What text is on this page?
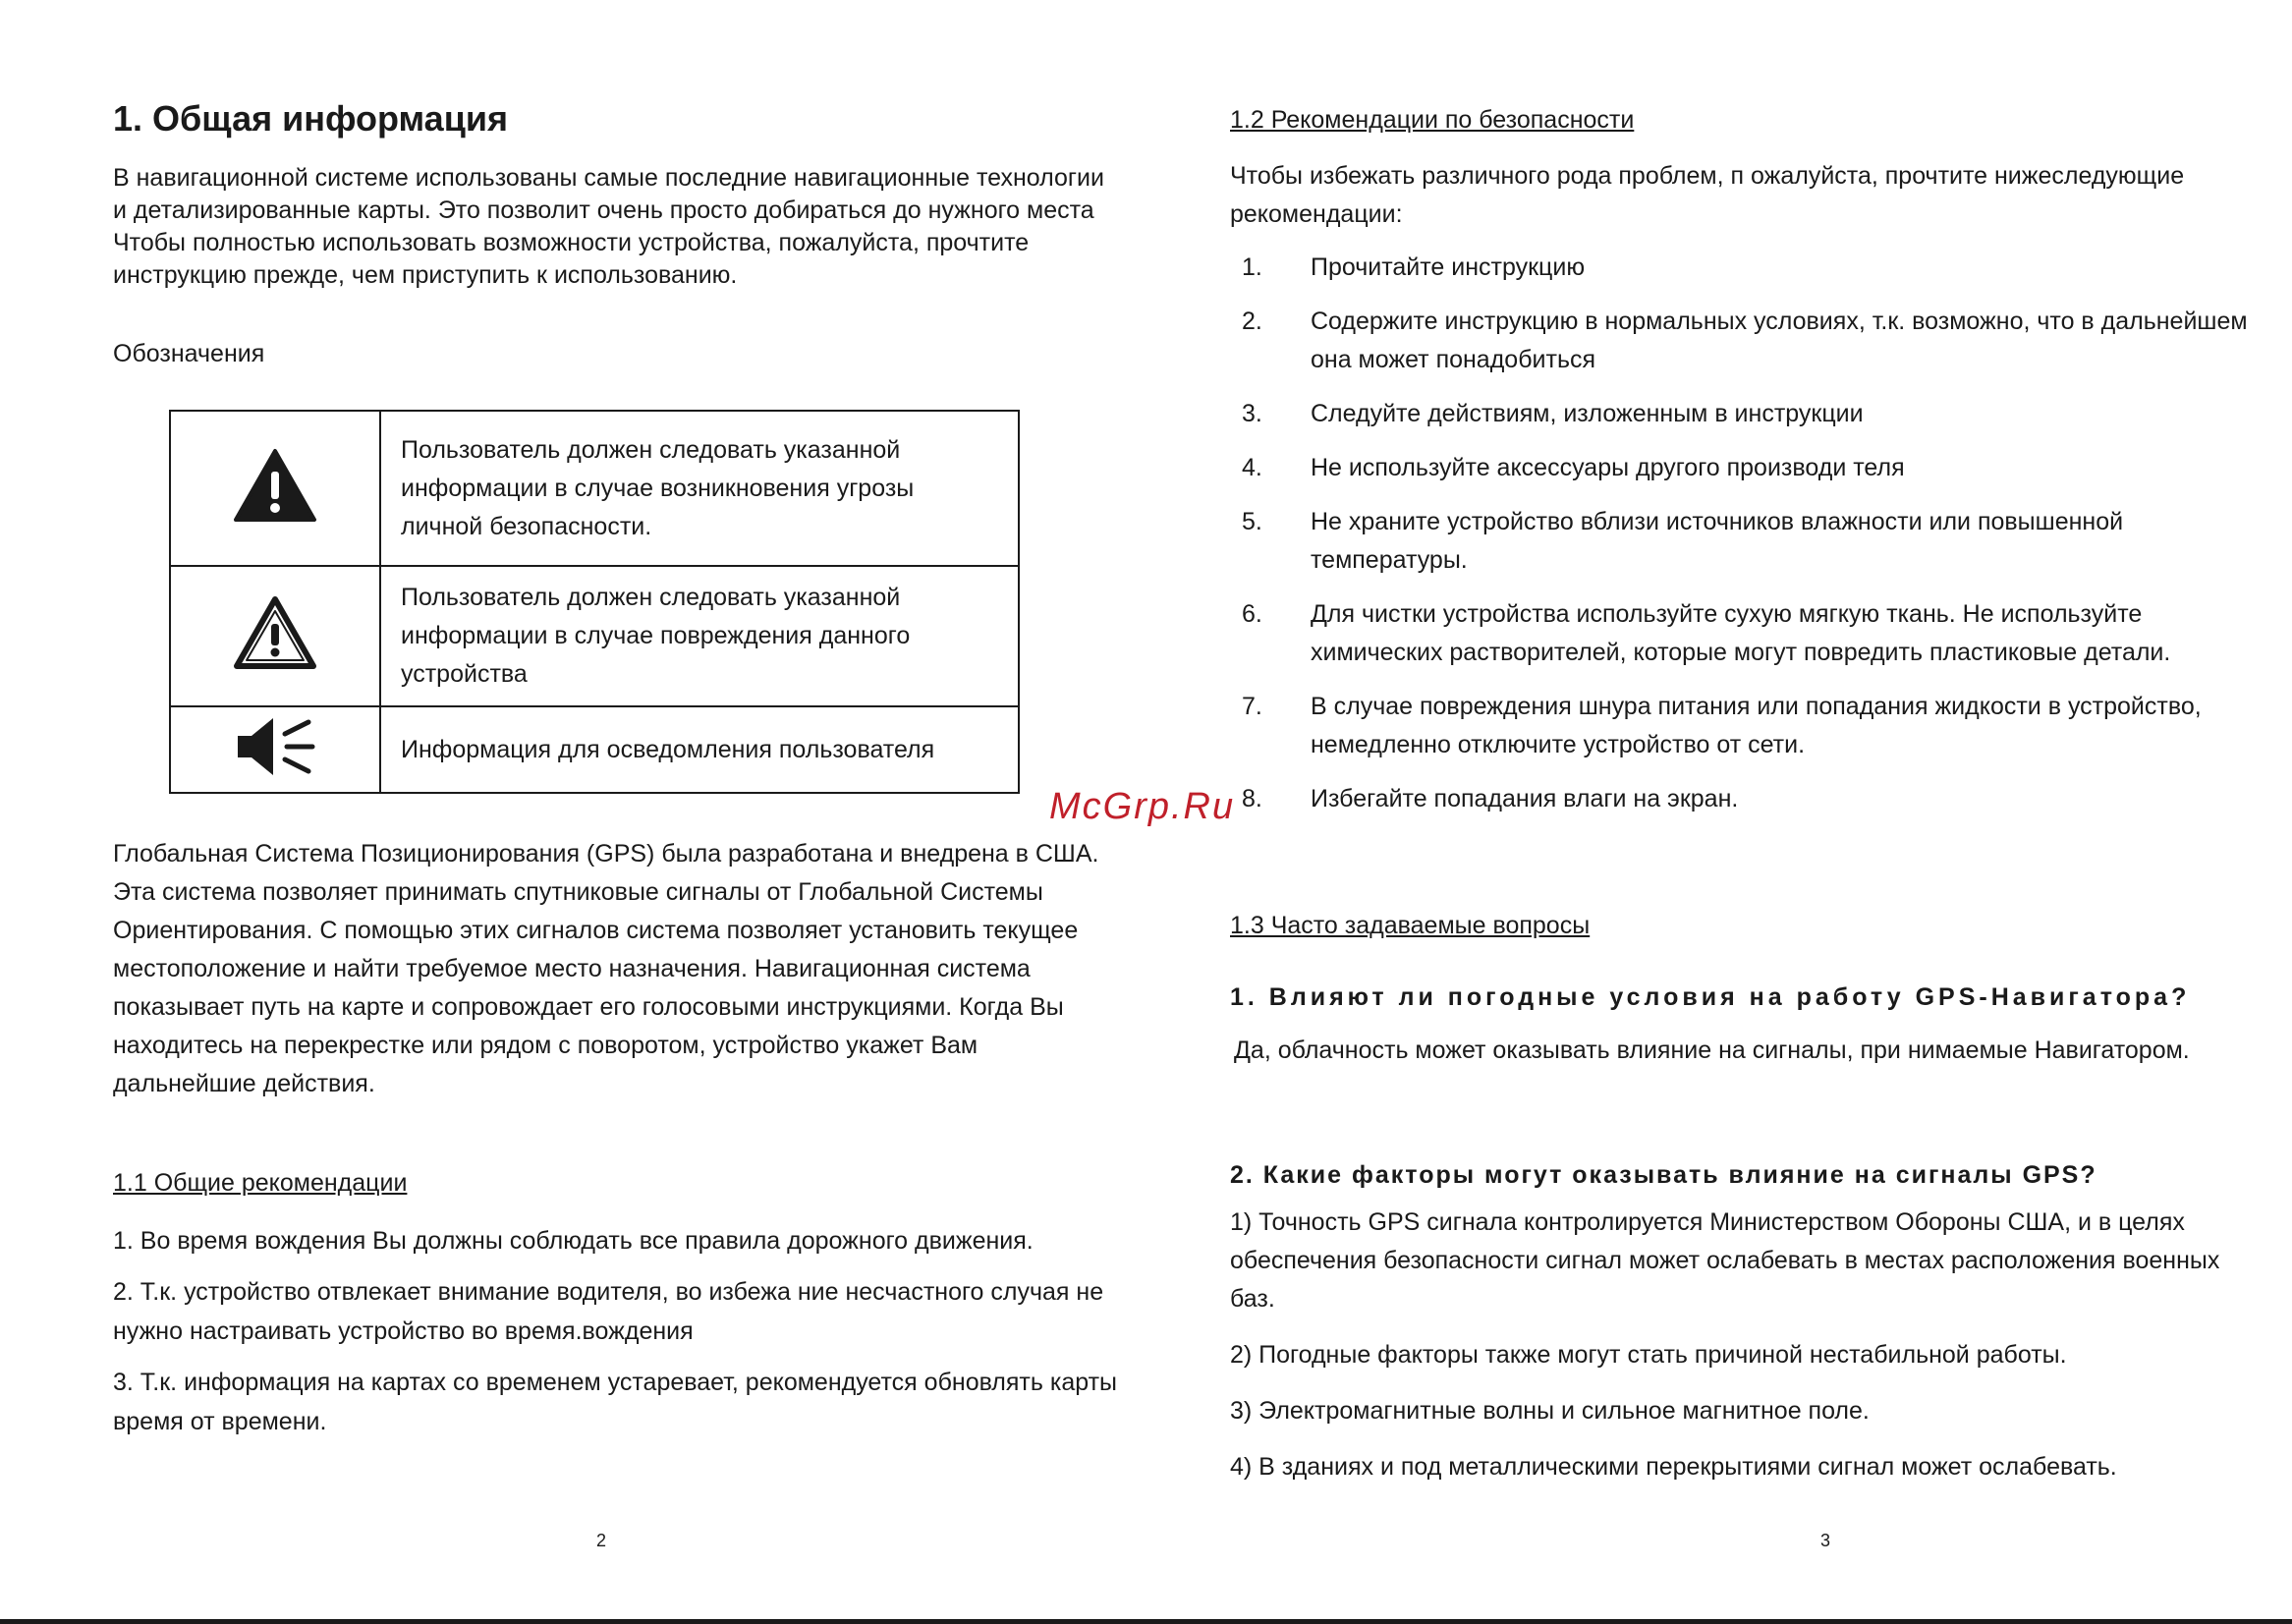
1. Общая информация

В навигационной системе использованы самые последние навигационные технологии и детализированные карты. Это позволит очень просто добираться до нужного места Чтобы полностью использовать возможности устройства, пожалуйста, прочтите инструкцию прежде, чем приступить к использованию.

Обозначения

	Пользователь должен следовать указанной информации в случае возникновения угрозы личной безопасности.
	Пользователь должен следовать указанной информации в случае повреждения данного устройства
	Информация для осведомления пользователя

Глобальная Система Позиционирования (GPS) была разработана и внедрена в США. Эта система позволяет принимать спутниковые сигналы от Глобальной Системы Ориентирования. С помощью этих сигналов система позволяет установить текущее местоположение и найти требуемое место назначения. Навигационная система показывает путь на карте и сопровождает его голосовыми инструкциями. Когда Вы находитесь на перекрестке или рядом с поворотом, устройство укажет Вам дальнейшие действия.

1.1 Общие рекомендации

1. Во время вождения Вы должны соблюдать все правила дорожного движения.

2. Т.к. устройство отвлекает внимание водителя, во избежа ние несчастного случая не нужно настраивать устройство во время.вождения

3. Т.к. информация на картах со временем устаревает, рекомендуется обновлять карты время от времени.

2

1.2 Рекомендации по безопасности

Чтобы избежать различного рода проблем, п ожалуйста, прочтите нижеследующие рекомендации:

1.	Прочитайте инструкцию
2.	Содержите инструкцию в нормальных условиях, т.к. возможно, что в дальнейшем она может понадобиться
3.	Следуйте действиям, изложенным в инструкции
4.	Не используйте аксессуары другого производи теля
5.	Не храните устройство вблизи источников влажности или повышенной температуры.
6.	Для чистки устройства используйте сухую мягкую ткань. Не используйте химических растворителей, которые могут повредить пластиковые детали.
7.	В случае повреждения шнура питания или попадания жидкости в устройство, немедленно отключите устройство от сети.
8.	Избегайте попадания влаги на экран.

1.3 Часто задаваемые вопросы

1. Влияют ли погодные условия на работу GPS-Навигатора?

Да, облачность может оказывать влияние на сигналы, при нимаемые Навигатором.

2. Какие факторы могут оказывать влияние на сигналы GPS?

1) Точность GPS сигнала контролируется Министерством Обороны США, и в целях обеспечения безопасности сигнал может ослабевать в местах расположения военных баз.

2) Погодные факторы также могут стать причиной нестабильной работы.

3) Электромагнитные волны и сильное магнитное поле.

4) В зданиях и под металлическими перекрытиями сигнал может ослабевать.

3
McGrp.Ru
